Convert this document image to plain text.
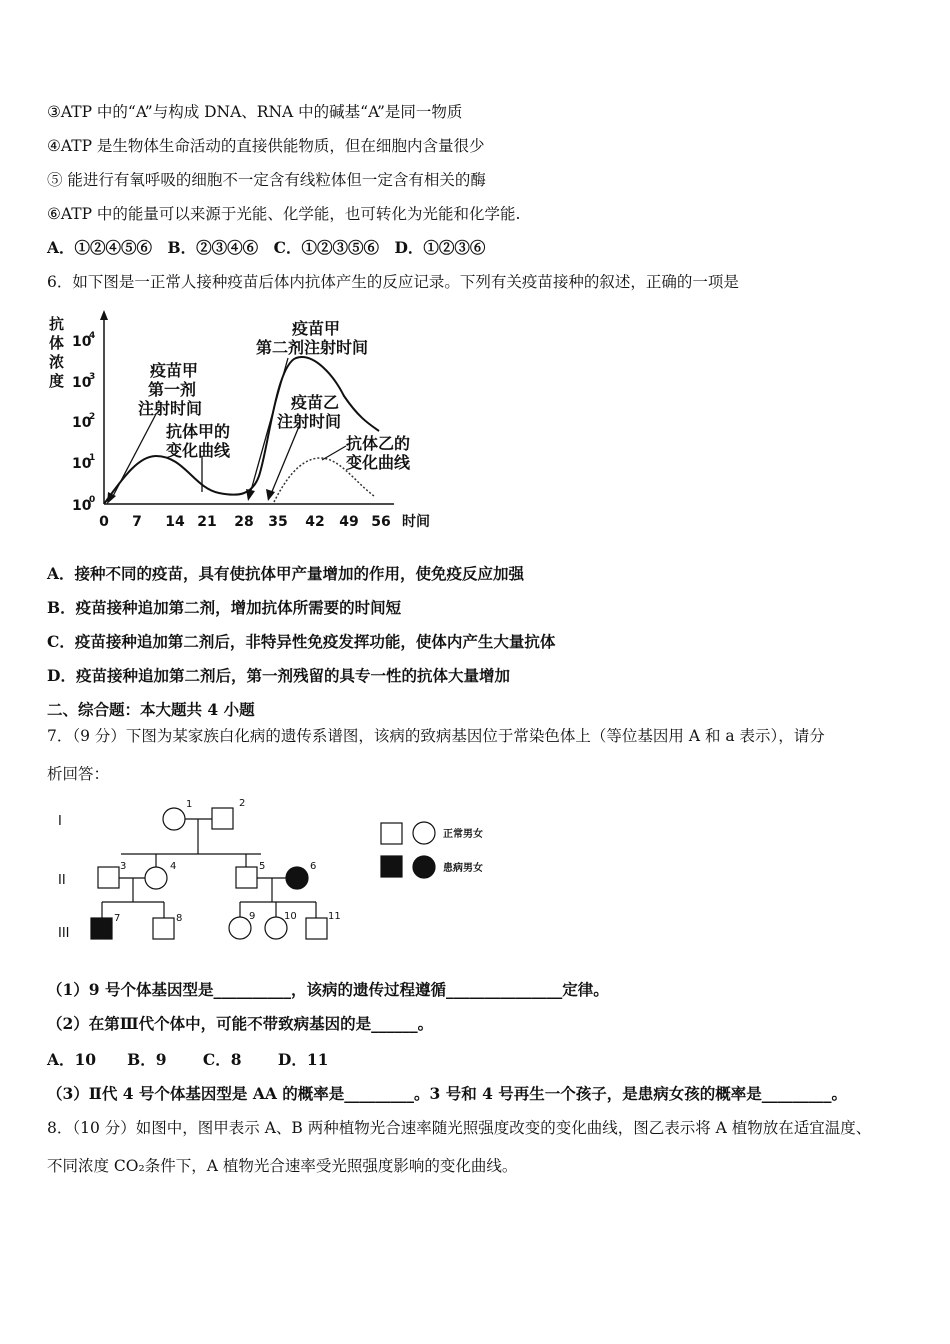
③ATP 中的“A”与构成 DNA、RNA 中的碱基“A”是同一物质
④ATP 是生物体生命活动的直接供能物质，但在细胞内含量很少
⑤ 能进行有氧呼吸的细胞不一定含有线粒体但一定含有相关的酶
⑥ATP 中的能量可以来源于光能、化学能，也可转化为光能和化学能.
A．①②④⑤⑥　B．②③④⑥　C．①②③⑤⑥　D．①②③⑥
6．如下图是一正常人接种疫苗后体内抗体产生的反应记录。下列有关疫苗接种的叙述，正确的一项是
抗
体
浓
度
10
0
10
1
10
2
10
3
10
4
0 7 14 21 28 35 42 49 56 时间
疫苗甲
第一剂
注射时间
抗体甲的
变化曲线
疫苗甲
第二剂注射时间
疫苗乙
注射时间
抗体乙的
变化曲线
A．接种不同的疫苗，具有使抗体甲产量增加的作用，使免疫反应加强
B．疫苗接种追加第二剂，增加抗体所需要的时间短
C．疫苗接种追加第二剂后，非特异性免疫发挥功能，使体内产生大量抗体
D．疫苗接种追加第二剂后，第一剂残留的具专一性的抗体大量增加
二、综合题：本大题共 4 小题
7．（9 分）下图为某家族白化病的遗传系谱图，该病的致病基因位于常染色体上（等位基因用 A 和 a 表示），请分
析回答：
I
II
III
1	2
3	4	5	6
7	8	9	10	11
正常男女
患病男女
（1）9 号个体基因型是__________，该病的遗传过程遵循_______________定律。
（2）在第Ⅲ代个体中，可能不带致病基因的是______。
A．10　　B．9　　 C．8　　 D．11
（3）Ⅱ代 4 号个体基因型是 AA 的概率是_________。3 号和 4 号再生一个孩子，是患病女孩的概率是_________。
8．（10 分）如图中，图甲表示 A、B 两种植物光合速率随光照强度改变的变化曲线，图乙表示将 A 植物放在适宜温度、
不同浓度 CO₂条件下，A 植物光合速率受光照强度影响的变化曲线。
